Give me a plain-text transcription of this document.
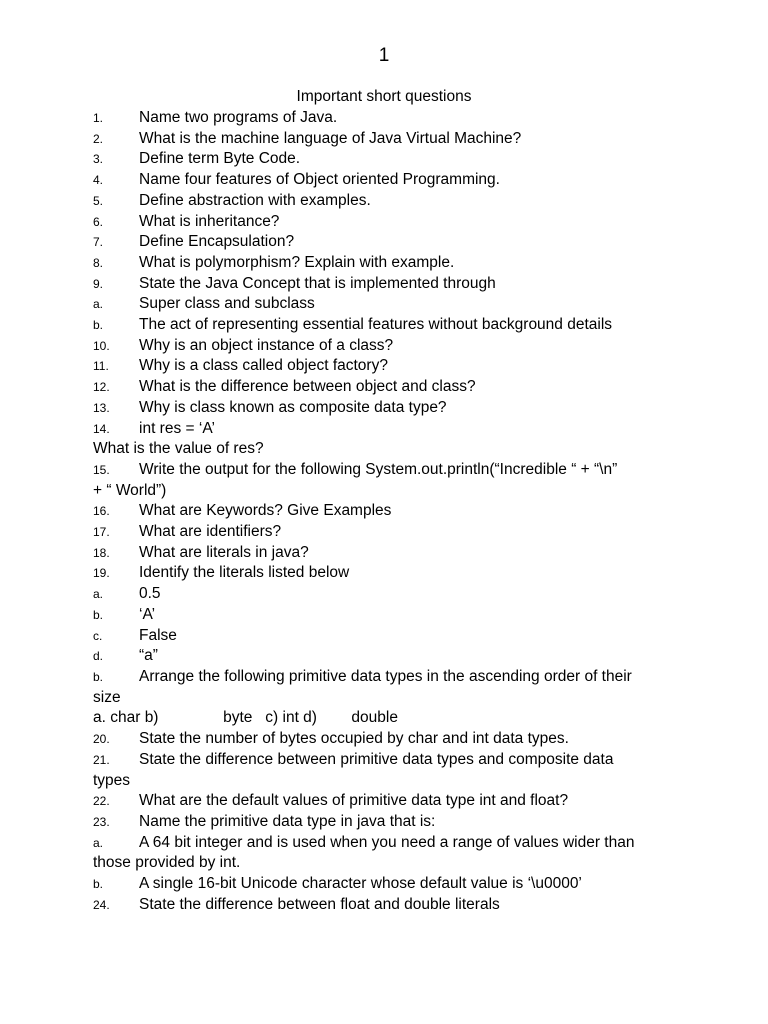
1
Important short questions
1. Name two programs of Java.
2. What is the machine language of Java Virtual Machine?
3. Define term Byte Code.
4. Name four features of Object oriented Programming.
5. Define abstraction with examples.
6. What is inheritance?
7. Define Encapsulation?
8. What is polymorphism? Explain with example.
9. State the Java Concept that is implemented through
a. Super class and subclass
b. The act of representing essential features without background details
10. Why is an object instance of a class?
11. Why is a class called object factory?
12. What is the difference between object and class?
13. Why is class known as composite data type?
14. int res = ‘A’
What is the value of res?
15. Write the output for the following System.out.println(“Incredible “ + “\n”
+ “ World”)
16. What are Keywords? Give Examples
17. What are identifiers?
18. What are literals in java?
19. Identify the literals listed below
a. 0.5
b. ‘A’
c. False
d. “a”
b. Arrange the following primitive data types in the ascending order of their
size
a. char b)               byte   c) int d)        double
20. State the number of bytes occupied by char and int data types.
21. State the difference between primitive data types and composite data
types
22. What are the default values of primitive data type int and float?
23. Name the primitive data type in java that is:
a. A 64 bit integer and is used when you need a range of values wider than
those provided by int.
b. A single 16-bit Unicode character whose default value is ‘\u0000’
24. State the difference between float and double literals
